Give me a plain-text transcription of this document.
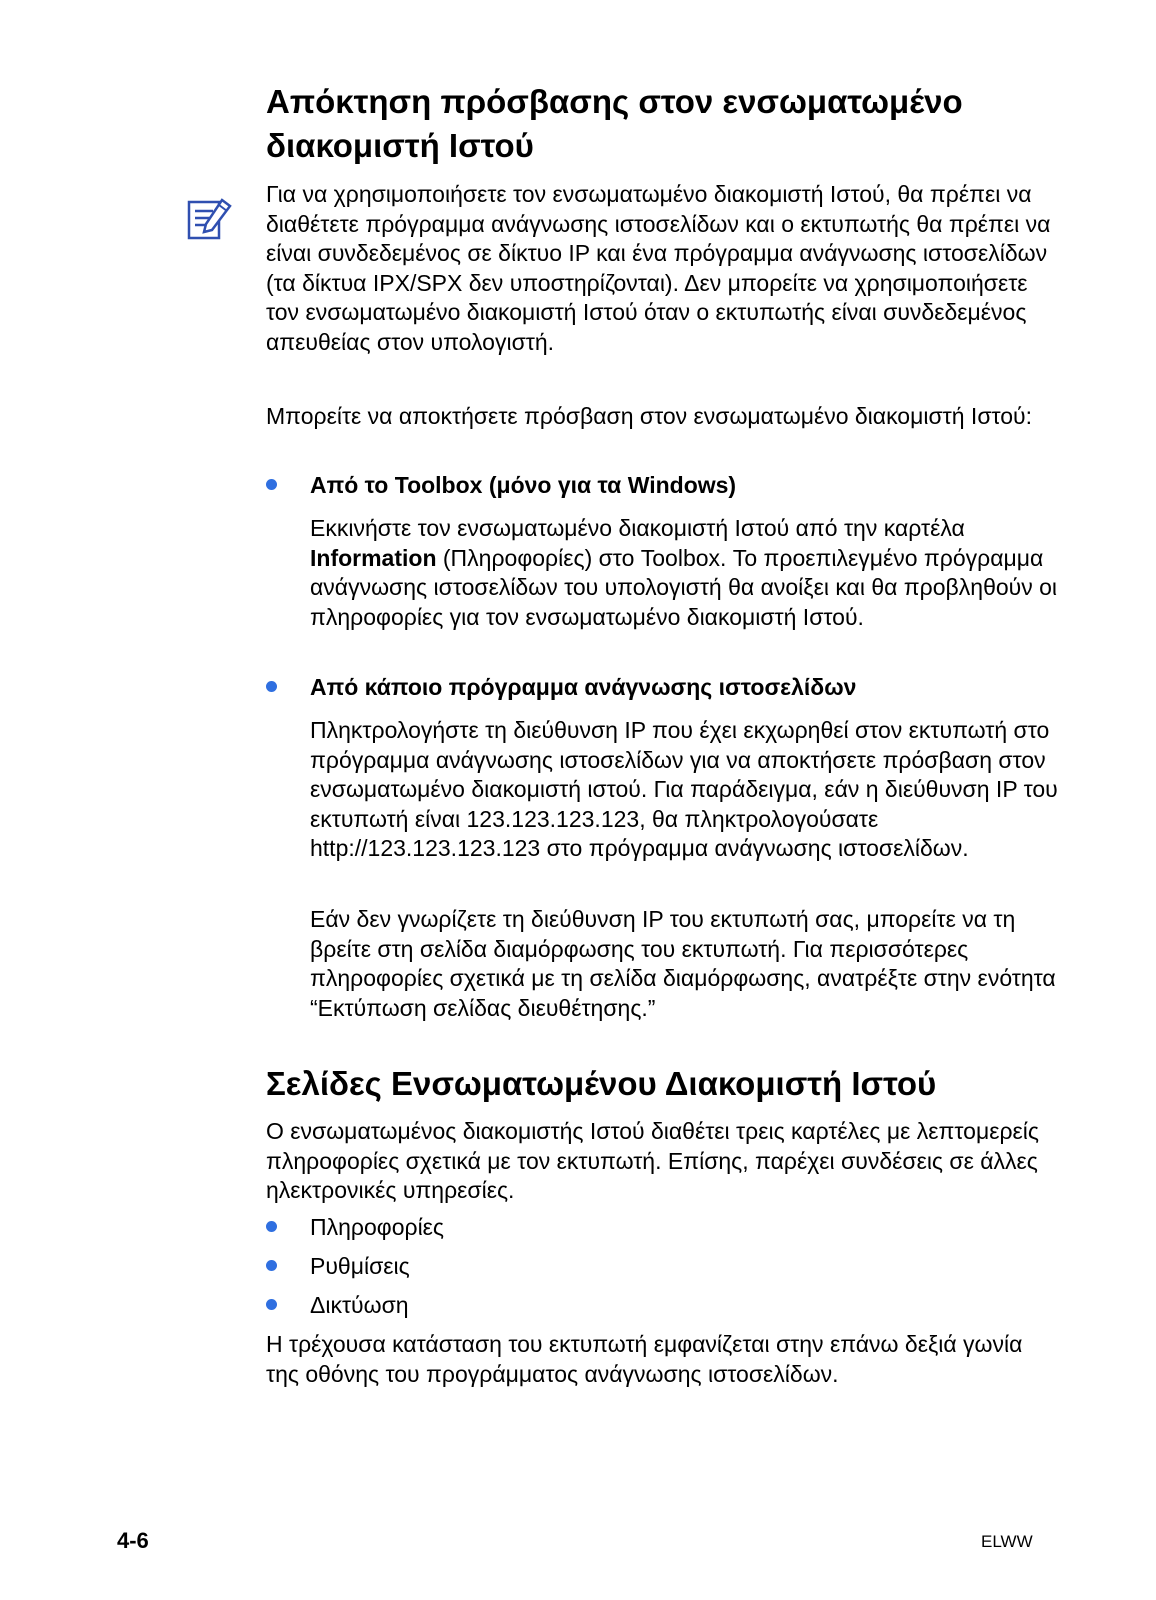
Απόκτηση πρόσβασης στον ενσωματωμένο
διακομιστή Ιστού

Για να χρησιμοποιήσετε τον ενσωματωμένο διακομιστή Ιστού, θα πρέπει να διαθέτετε πρόγραμμα ανάγνωσης ιστοσελίδων και ο εκτυπωτής θα πρέπει να είναι συνδεδεμένος σε δίκτυο IP και ένα πρόγραμμα ανάγνωσης ιστοσελίδων (τα δίκτυα IPX/SPX δεν υποστηρίζονται). Δεν μπορείτε να χρησιμοποιήσετε τον ενσωματωμένο διακομιστή Ιστού όταν ο εκτυπωτής είναι συνδεδεμένος απευθείας στον υπολογιστή.

Μπορείτε να αποκτήσετε πρόσβαση στον ενσωματωμένο διακομιστή Ιστού:

Από το Toolbox (μόνο για τα Windows)

Εκκινήστε τον ενσωματωμένο διακομιστή Ιστού από την καρτέλα Information (Πληροφορίες) στο Toolbox. Το προεπιλεγμένο πρόγραμμα ανάγνωσης ιστοσελίδων του υπολογιστή θα ανοίξει και θα προβληθούν οι πληροφορίες για τον ενσωματωμένο διακομιστή Ιστού.

Από κάποιο πρόγραμμα ανάγνωσης ιστοσελίδων

Πληκτρολογήστε τη διεύθυνση IP που έχει εκχωρηθεί στον εκτυπωτή στο πρόγραμμα ανάγνωσης ιστοσελίδων για να αποκτήσετε πρόσβαση στον ενσωματωμένο διακομιστή ιστού. Για παράδειγμα, εάν η διεύθυνση IP του εκτυπωτή είναι 123.123.123.123, θα πληκτρολογούσατε http://123.123.123.123 στο πρόγραμμα ανάγνωσης ιστοσελίδων.

Εάν δεν γνωρίζετε τη διεύθυνση IP του εκτυπωτή σας, μπορείτε να τη βρείτε στη σελίδα διαμόρφωσης του εκτυπωτή. Για περισσότερες πληροφορίες σχετικά με τη σελίδα διαμόρφωσης, ανατρέξτε στην ενότητα “Εκτύπωση σελίδας διευθέτησης.”

Σελίδες Ενσωματωμένου Διακομιστή Ιστού

Ο ενσωματωμένος διακομιστής Ιστού διαθέτει τρεις καρτέλες με λεπτομερείς πληροφορίες σχετικά με τον εκτυπωτή. Επίσης, παρέχει συνδέσεις σε άλλες ηλεκτρονικές υπηρεσίες.

Πληροφορίες
Ρυθμίσεις
Δικτύωση

Η τρέχουσα κατάσταση του εκτυπωτή εμφανίζεται στην επάνω δεξιά γωνία της οθόνης του προγράμματος ανάγνωσης ιστοσελίδων.

4-6	ELWW
